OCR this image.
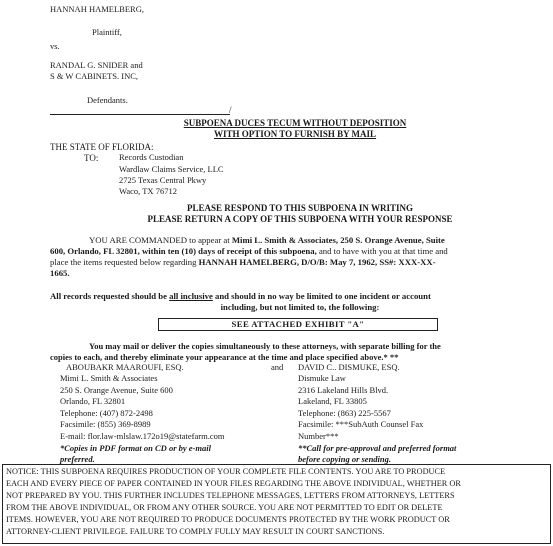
HANNAH HAMELBERG,
Plaintiff,
vs.
RANDAL G. SNIDER and
S & W CABINETS. INC,
Defendants.
/
SUBPOENA DUCES TECUM WITHOUT DEPOSITION
WITH OPTION TO FURNISH BY MAIL
THE STATE OF FLORIDA:
TO: Records Custodian
Wardlaw Claims Service, LLC
2725 Texas Central Pkwy
Waco, TX 76712
PLEASE RESPOND TO THIS SUBPOENA IN WRITING
PLEASE RETURN A COPY OF THIS SUBPOENA WITH YOUR RESPONSE
YOU ARE COMMANDED to appear at Mimi L. Smith & Associates, 250 S. Orange Avenue, Suite
600, Orlando, FL 32801, within ten (10) days of receipt of this subpoena, and to have with you at that time and
place the items requested below regarding HANNAH HAMELBERG, D/O/B: May 7, 1962, SS#: XXX-XX-
1665.
All records requested should be all inclusive and should in no way be limited to one incident or account
including, but not limited to, the following:
SEE ATTACHED EXHIBIT "A"
You may mail or deliver the copies simultaneously to these attorneys, with separate billing for the
copies to each, and thereby eliminate your appearance at the time and place specified above.* **
ABOUBAKR MAAROUFI, ESQ.
Mimi L. Smith & Associates
250 S. Orange Avenue, Suite 600
Orlando, FL 32801
Telephone: (407) 872-2498
Facsimile: (855) 369-8989
E-mail: flor.law-mlslaw.172o19@statefarm.com
*Copies in PDF format on CD or by e-mail
preferred.
and DAVID C.. DISMUKE, ESQ.
Dismuke Law
2316 Lakeland Hills Blvd.
Lakeland, FL 33805
Telephone: (863) 225-5567
Facsimile: ***SubAuth Counsel Fax
Number***
**Call for pre-approval and preferred format
before copying or sending.
NOTICE: THIS SUBPOENA REQUIRES PRODUCTION OF YOUR COMPLETE FILE CONTENTS. YOU ARE TO PRODUCE
EACH AND EVERY PIECE OF PAPER CONTAINED IN YOUR FILES REGARDING THE ABOVE INDIVIDUAL, WHETHER OR
NOT PREPARED BY YOU. THIS FURTHER INCLUDES TELEPHONE MESSAGES, LETTERS FROM ATTORNEYS, LETTERS
FROM THE ABOVE INDIVIDUAL, OR FROM ANY OTHER SOURCE. YOU ARE NOT PERMITTED TO EDIT OR DELETE
ITEMS. HOWEVER, YOU ARE NOT REQUIRED TO PRODUCE DOCUMENTS PROTECTED BY THE WORK PRODUCT OR
ATTORNEY-CLIENT PRIVILEGE. FAILURE TO COMPLY FULLY MAY RESULT IN COURT SANCTIONS.
